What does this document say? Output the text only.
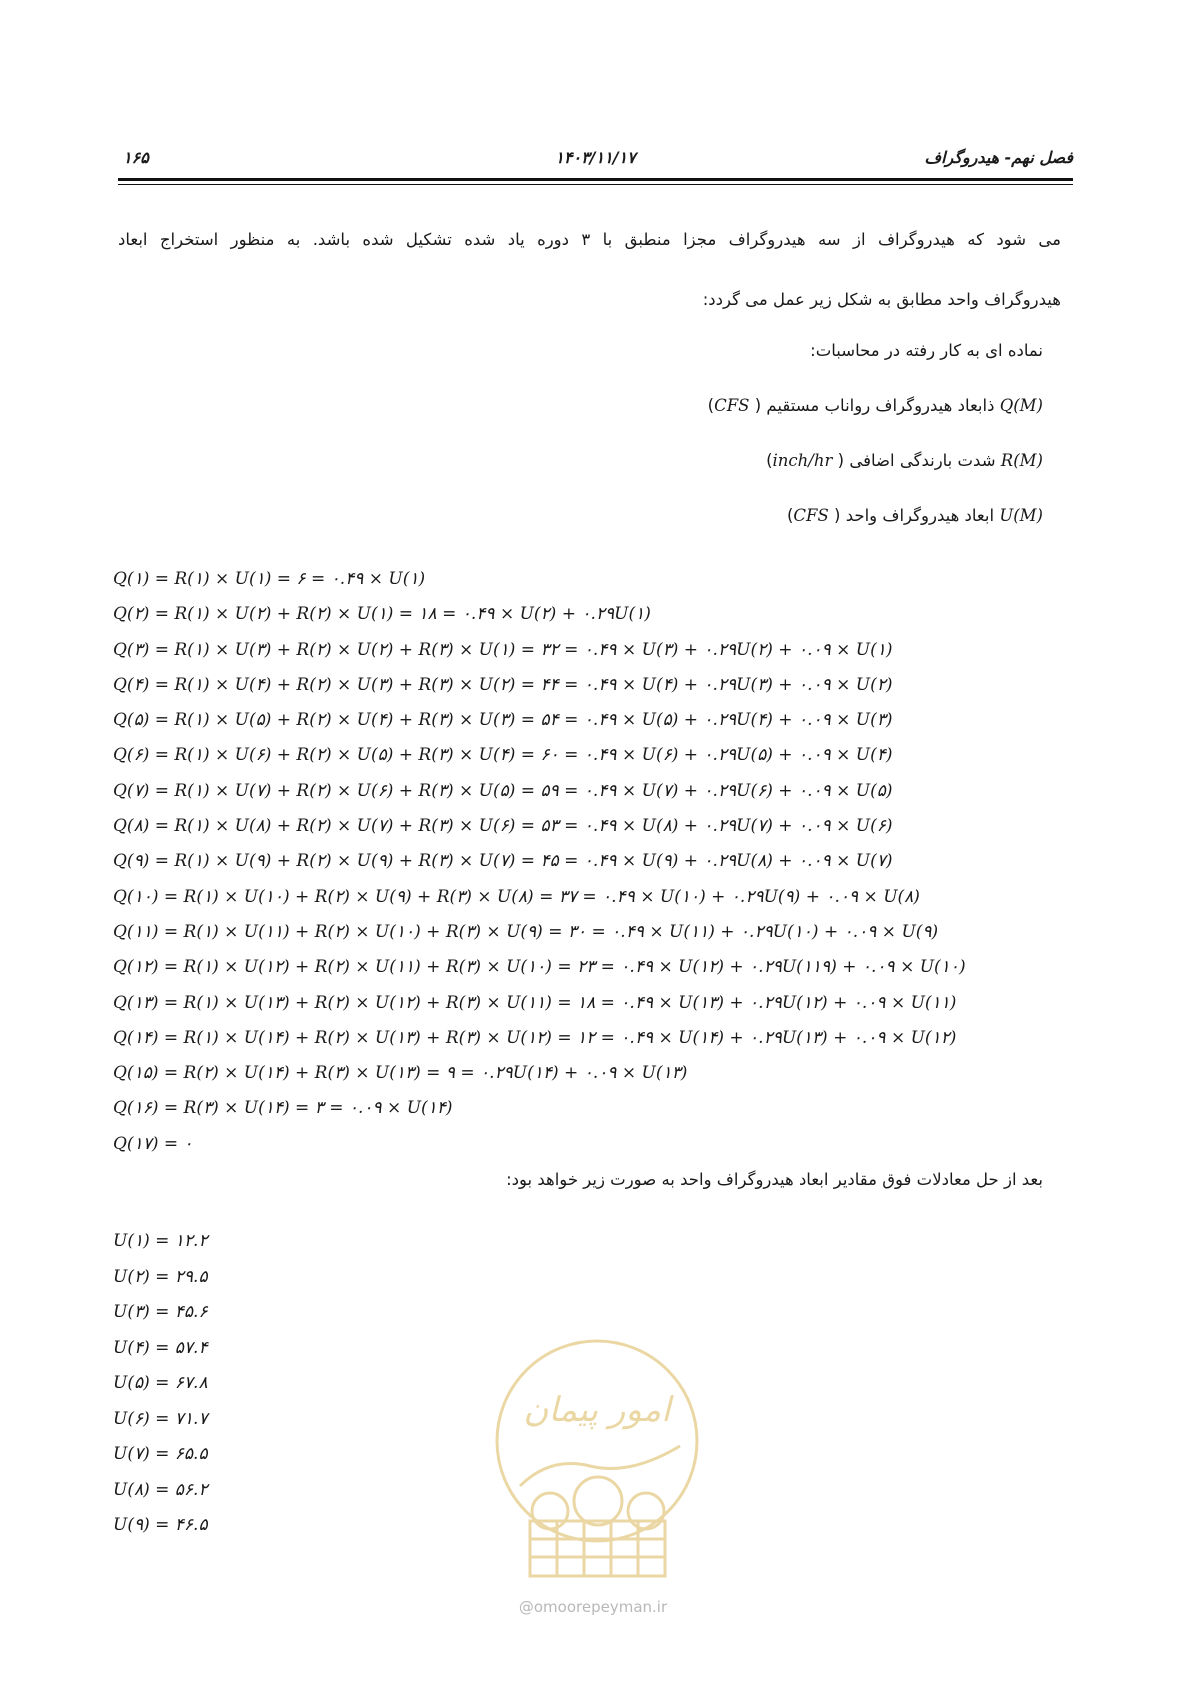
۱۶۵	۱۴۰۳/۱۱/۱۷	فصل نهم- هیدروگراف
می شود که هیدروگراف از سه هیدروگراف مجزا منطبق با ۳ دوره یاد شده تشکیل شده باشد. به منظور استخراج ابعاد
هیدروگراف واحد مطابق به شکل زیر عمل می گردد:
نماده ای به کار رفته در محاسبات:
Q(M) ذابعاد هیدروگراف رواناب مستقیم ( CFS)
R(M) شدت بارندگی اضافی ( inch/hr)
U(M) ابعاد هیدروگراف واحد ( CFS)
Q(۱) = R(۱) × U(۱) = ۶ = ۰.۴۹ × U(۱)
Q(۲) = R(۱) × U(۲) + R(۲) × U(۱) = ۱۸ = ۰.۴۹ × U(۲) + ۰.۲۹U(۱)
Q(۳) = R(۱) × U(۳) + R(۲) × U(۲) + R(۳) × U(۱) = ۳۲ = ۰.۴۹ × U(۳) + ۰.۲۹U(۲) + ۰.۰۹ × U(۱)
Q(۴) = R(۱) × U(۴) + R(۲) × U(۳) + R(۳) × U(۲) = ۴۴ = ۰.۴۹ × U(۴) + ۰.۲۹U(۳) + ۰.۰۹ × U(۲)
Q(۵) = R(۱) × U(۵) + R(۲) × U(۴) + R(۳) × U(۳) = ۵۴ = ۰.۴۹ × U(۵) + ۰.۲۹U(۴) + ۰.۰۹ × U(۳)
Q(۶) = R(۱) × U(۶) + R(۲) × U(۵) + R(۳) × U(۴) = ۶۰ = ۰.۴۹ × U(۶) + ۰.۲۹U(۵) + ۰.۰۹ × U(۴)
Q(۷) = R(۱) × U(۷) + R(۲) × U(۶) + R(۳) × U(۵) = ۵۹ = ۰.۴۹ × U(۷) + ۰.۲۹U(۶) + ۰.۰۹ × U(۵)
Q(۸) = R(۱) × U(۸) + R(۲) × U(۷) + R(۳) × U(۶) = ۵۳ = ۰.۴۹ × U(۸) + ۰.۲۹U(۷) + ۰.۰۹ × U(۶)
Q(۹) = R(۱) × U(۹) + R(۲) × U(۹) + R(۳) × U(۷) = ۴۵ = ۰.۴۹ × U(۹) + ۰.۲۹U(۸) + ۰.۰۹ × U(۷)
Q(۱۰) = R(۱) × U(۱۰) + R(۲) × U(۹) + R(۳) × U(۸) = ۳۷ = ۰.۴۹ × U(۱۰) + ۰.۲۹U(۹) + ۰.۰۹ × U(۸)
Q(۱۱) = R(۱) × U(۱۱) + R(۲) × U(۱۰) + R(۳) × U(۹) = ۳۰ = ۰.۴۹ × U(۱۱) + ۰.۲۹U(۱۰) + ۰.۰۹ × U(۹)
Q(۱۲) = R(۱) × U(۱۲) + R(۲) × U(۱۱) + R(۳) × U(۱۰) = ۲۳ = ۰.۴۹ × U(۱۲) + ۰.۲۹U(۱۱۹) + ۰.۰۹ × U(۱۰)
Q(۱۳) = R(۱) × U(۱۳) + R(۲) × U(۱۲) + R(۳) × U(۱۱) = ۱۸ = ۰.۴۹ × U(۱۳) + ۰.۲۹U(۱۲) + ۰.۰۹ × U(۱۱)
Q(۱۴) = R(۱) × U(۱۴) + R(۲) × U(۱۳) + R(۳) × U(۱۲) = ۱۲ = ۰.۴۹ × U(۱۴) + ۰.۲۹U(۱۳) + ۰.۰۹ × U(۱۲)
Q(۱۵) = R(۲) × U(۱۴) + R(۳) × U(۱۳) = ۹ = ۰.۲۹U(۱۴) + ۰.۰۹ × U(۱۳)
Q(۱۶) = R(۳) × U(۱۴) = ۳ = ۰.۰۹ × U(۱۴)
Q(۱۷) = ۰
بعد از حل معادلات فوق مقادیر ابعاد هیدروگراف واحد به صورت زیر خواهد بود:
U(۱) = ۱۲.۲
U(۲) = ۲۹.۵
U(۳) = ۴۵.۶
U(۴) = ۵۷.۴
U(۵) = ۶۷.۸
U(۶) = ۷۱.۷
U(۷) = ۶۵.۵
U(۸) = ۵۶.۲
U(۹) = ۴۶.۵
امور پیمان
@omoorepeyman.ir
